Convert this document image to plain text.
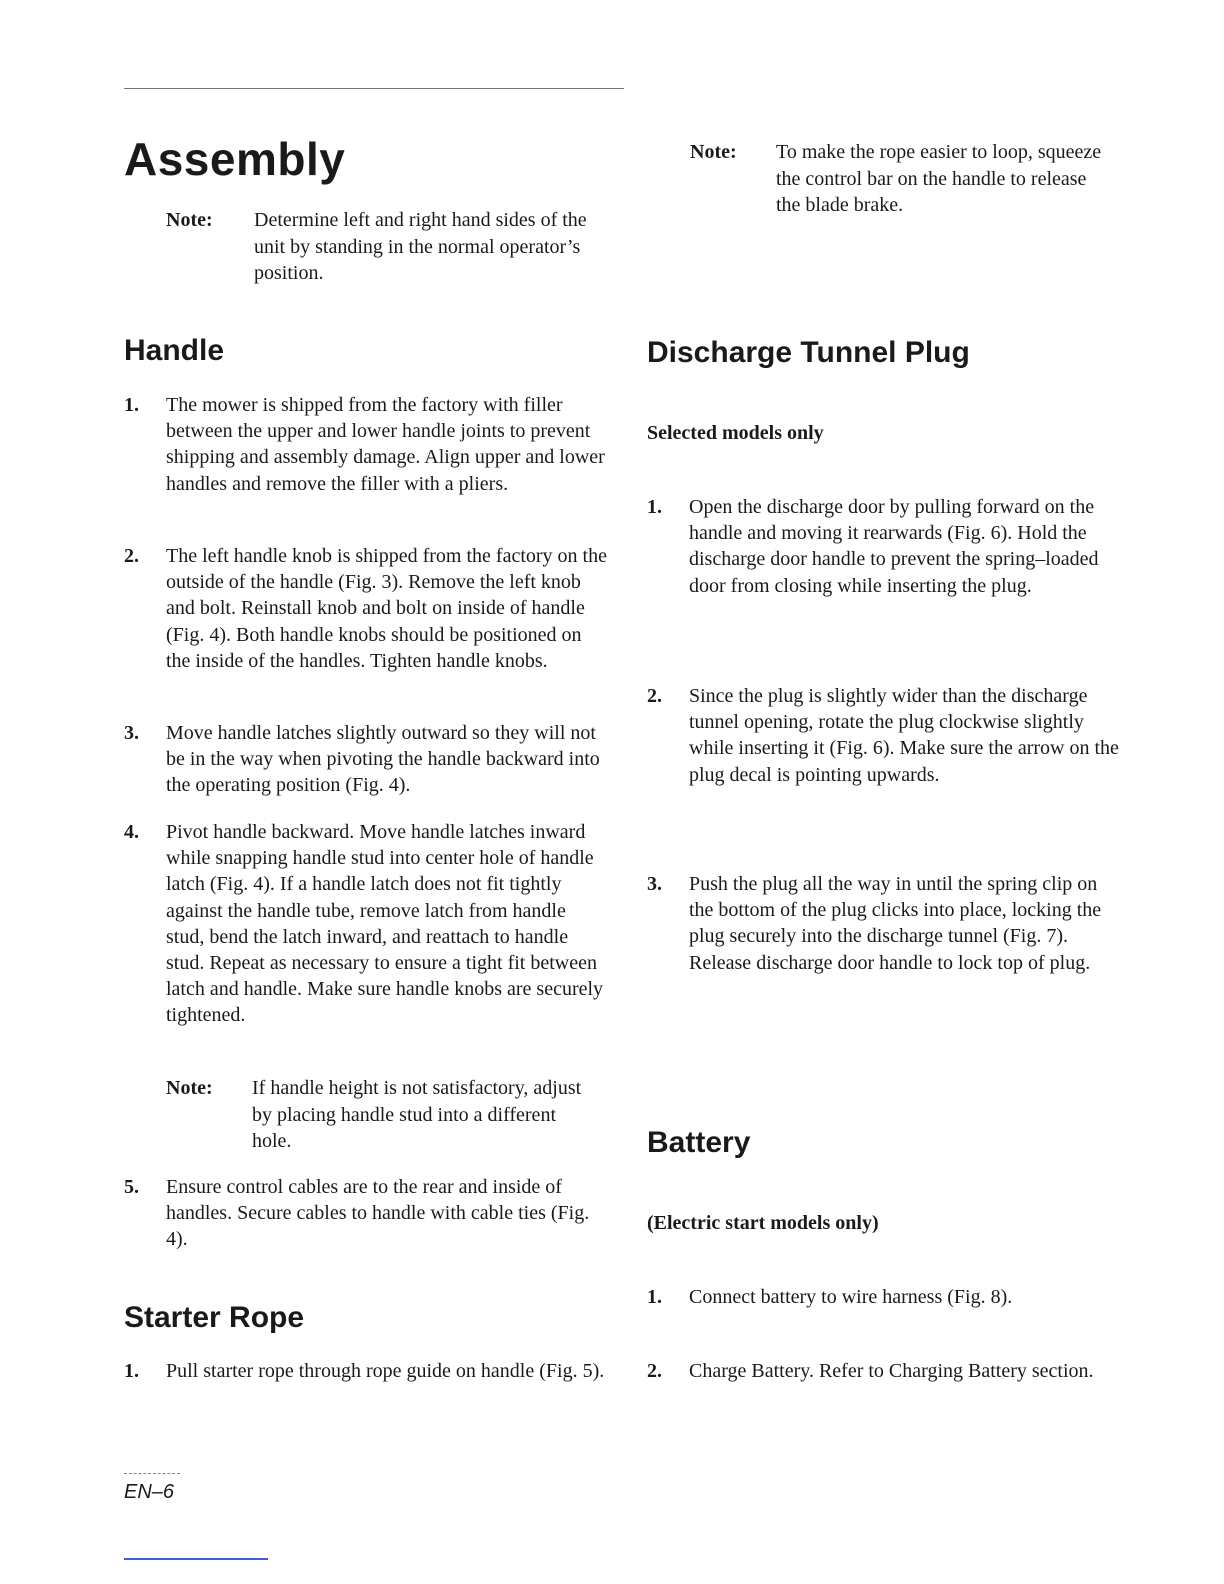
Assembly
Note:	Determine left and right hand sides of the unit by standing in the normal operator’s position.
Handle
1.	The mower is shipped from the factory with filler between the upper and lower handle joints to prevent shipping and assembly damage. Align upper and lower handles and remove the filler with a pliers.
2.	The left handle knob is shipped from the factory on the outside of the handle (Fig. 3). Remove the left knob and bolt. Reinstall knob and bolt on inside of handle (Fig. 4). Both handle knobs should be positioned on the inside of the handles. Tighten handle knobs.
3.	Move handle latches slightly outward so they will not be in the way when pivoting the handle backward into the operating position (Fig. 4).
4.	Pivot handle backward. Move handle latches inward while snapping handle stud into center hole of handle latch (Fig. 4). If a handle latch does not fit tightly against the handle tube, remove latch from handle stud, bend the latch inward, and reattach to handle stud. Repeat as necessary to ensure a tight fit between latch and handle. Make sure handle knobs are securely tightened.
Note:	If handle height is not satisfactory, adjust by placing handle stud into a different hole.
5.	Ensure control cables are to the rear and inside of handles. Secure cables to handle with cable ties (Fig. 4).
Starter Rope
1.	Pull starter rope through rope guide on handle (Fig. 5).
EN–6
Note:	To make the rope easier to loop, squeeze the control bar on the handle to release the blade brake.
Discharge Tunnel Plug
Selected models only
1.	Open the discharge door by pulling forward on the handle and moving it rearwards (Fig. 6). Hold the discharge door handle to prevent the spring–loaded door from closing while inserting the plug.
2.	Since the plug is slightly wider than the discharge tunnel opening, rotate the plug clockwise slightly while inserting it (Fig. 6). Make sure the arrow on the plug decal is pointing upwards.
3.	Push the plug all the way in until the spring clip on the bottom of the plug clicks into place, locking the plug securely into the discharge tunnel (Fig. 7). Release discharge door handle to lock top of plug.
Battery
(Electric start models only)
1.	Connect battery to wire harness (Fig. 8).
2.	Charge Battery. Refer to Charging Battery section.
